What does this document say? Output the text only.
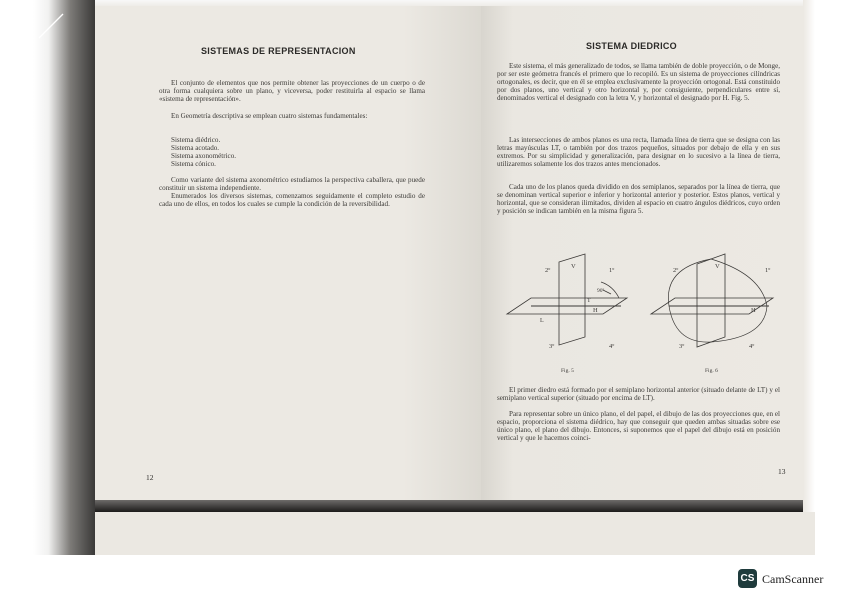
SISTEMAS DE REPRESENTACION

El conjunto de elementos que nos permite obtener las proyecciones de un cuerpo o de otra forma cualquiera sobre un plano, y viceversa, poder restituirla al espacio se llama «sistema de representación».

En Geometría descriptiva se emplean cuatro sistemas fundamentales:

Sistema diédrico.
Sistema acotado.
Sistema axonométrico.
Sistema cónico.

Como variante del sistema axonométrico estudiamos la perspectiva caballera, que puede constituir un sistema independiente.

Enumerados los diversos sistemas, comenzamos seguidamente el completo estudio de cada uno de ellos, en todos los cuales se cumple la condición de la reversibilidad.

12
SISTEMA DIEDRICO

Este sistema, el más generalizado de todos, se llama también de doble proyección, o de Monge, por ser este geómetra francés el primero que lo recopiló. Es un sistema de proyecciones cilíndricas ortogonales, es decir, que en él se emplea exclusivamente la proyección ortogonal. Está constituido por dos planos, uno vertical y otro horizontal y, por consiguiente, perpendiculares entre sí, denominados vertical el designado con la letra V, y horizontal el designado por H. Fig. 5.

Las intersecciones de ambos planos es una recta, llamada línea de tierra que se designa con las letras mayúsculas LT, o también por dos trazos pequeños, situados por debajo de ella y en sus extremos. Por su simplicidad y generalización, para designar en lo sucesivo a la línea de tierra, utilizaremos solamente los dos trazos antes mencionados.

Cada uno de los planos queda dividido en dos semiplanos, separados por la línea de tierra, que se denominan vertical superior e inferior y horizontal anterior y posterior. Estos planos, vertical y horizontal, que se consideran ilimitados, dividen al espacio en cuatro ángulos diédricos, cuyo orden y posición se indican también en la misma figura 5.

2º	1º
V
90º
H
T
L
3º	4º
Fig. 5
2º	1º
V
H
3º	4º
Fig. 6

El primer diedro está formado por el semiplano horizontal anterior (situado delante de LT) y el semiplano vertical superior (situado por encima de LT).

Para representar sobre un único plano, el del papel, el dibujo de las dos proyecciones que, en el espacio, proporciona el sistema diédrico, hay que conseguir que queden ambas situadas sobre ese único plano, el plano del dibujo. Entonces, si suponemos que el papel del dibujo está en posición vertical y que le hacemos coinci-

13
CS CamScanner
